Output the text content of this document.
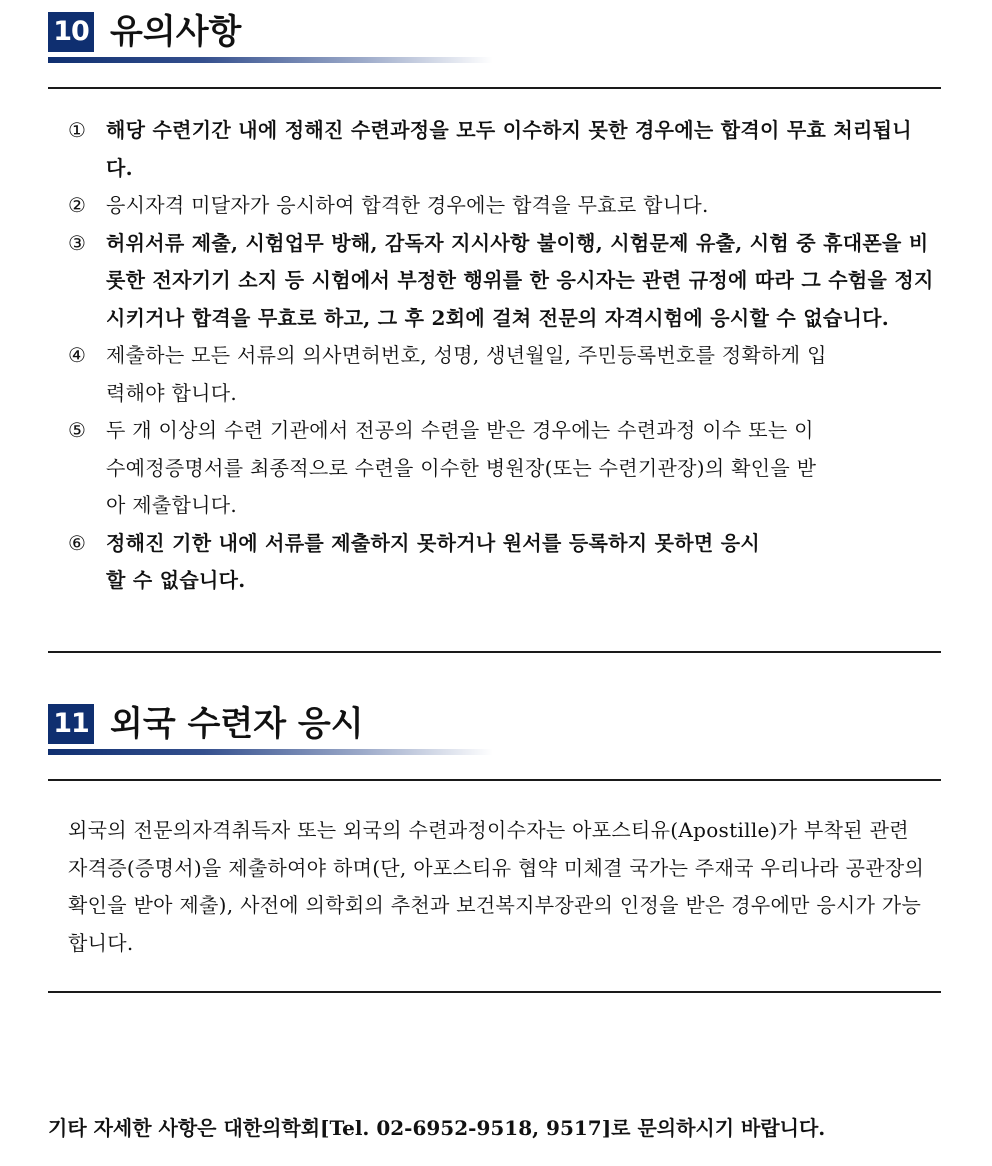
10 유의사항
① 해당 수련기간 내에 정해진 수련과정을 모두 이수하지 못한 경우에는 합격이 무효 처리됩니다.
② 응시자격 미달자가 응시하여 합격한 경우에는 합격을 무효로 합니다.
③ 허위서류 제출, 시험업무 방해, 감독자 지시사항 불이행, 시험문제 유출, 시험 중 휴대폰을 비롯한 전자기기 소지 등 시험에서 부정한 행위를 한 응시자는 관련 규정에 따라 그 수험을 정지시키거나 합격을 무효로 하고, 그 후 2회에 걸쳐 전문의 자격시험에 응시할 수 없습니다.
④ 제출하는 모든 서류의 의사면허번호, 성명, 생년월일, 주민등록번호를 정확하게 입력해야 합니다.
⑤ 두 개 이상의 수련 기관에서 전공의 수련을 받은 경우에는 수련과정 이수 또는 이수예정증명서를 최종적으로 수련을 이수한 병원장(또는 수련기관장)의 확인을 받아 제출합니다.
⑥ 정해진 기한 내에 서류를 제출하지 못하거나 원서를 등록하지 못하면 응시할 수 없습니다.
11 외국 수련자 응시

외국의 전문의자격취득자 또는 외국의 수련과정이수자는 아포스티유(Apostille)가 부착된 관련 자격증(증명서)을 제출하여야 하며(단, 아포스티유 협약 미체결 국가는 주재국 우리나라 공관장의 확인을 받아 제출), 사전에 의학회의 추천과 보건복지부장관의 인정을 받은 경우에만 응시가 가능합니다.

기타 자세한 사항은 대한의학회[Tel. 02-6952-9518, 9517]로 문의하시기 바랍니다.
